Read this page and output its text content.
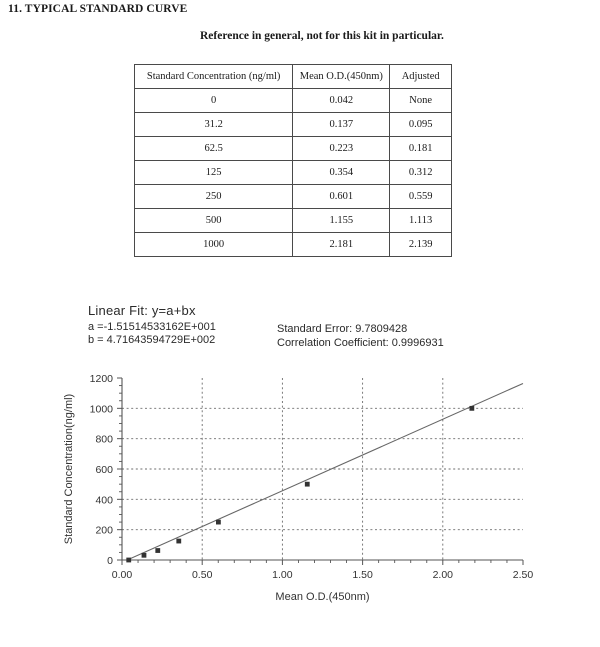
11. TYPICAL STANDARD CURVE
Reference in general, not for this kit in particular.
Standard Concentration (ng/ml)	Mean O.D.(450nm)	Adjusted
0	0.042	None
31.2	0.137	0.095
62.5	0.223	0.181
125	0.354	0.312
250	0.601	0.559
500	1.155	1.113
1000	2.181	2.139
Linear Fit: y=a+bx
a =-1.51514533162E+001
b = 4.71643594729E+002
Standard Error: 9.7809428
Correlation Coefficient: 0.9996931
0
200
400
600
800
1000
1200
0.00	0.50	1.00	1.50	2.00	2.50
Mean O.D.(450nm)
Standard Concentration(ng/ml)
